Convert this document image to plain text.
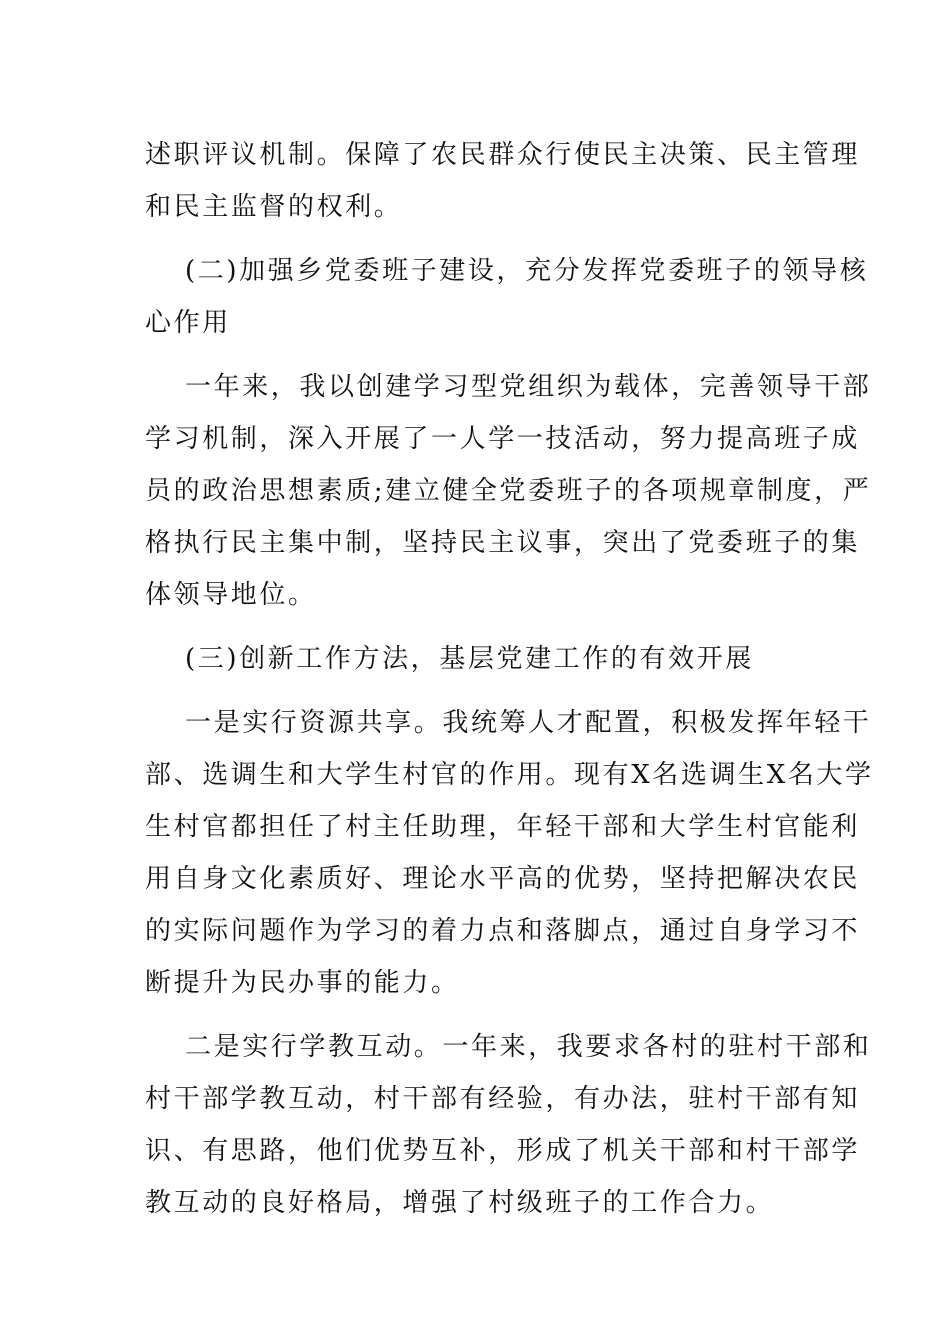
述职评议机制。保障了农民群众行使民主决策、民主管理
和民主监督的权利。
(二)加强乡党委班子建设，充分发挥党委班子的领导核
心作用
一年来，我以创建学习型党组织为载体，完善领导干部
学习机制，深入开展了一人学一技活动，努力提高班子成
员的政治思想素质;建立健全党委班子的各项规章制度，严
格执行民主集中制，坚持民主议事，突出了党委班子的集
体领导地位。
(三)创新工作方法，基层党建工作的有效开展
一是实行资源共享。我统筹人才配置，积极发挥年轻干
部、选调生和大学生村官的作用。现有X名选调生X名大学
生村官都担任了村主任助理，年轻干部和大学生村官能利
用自身文化素质好、理论水平高的优势，坚持把解决农民
的实际问题作为学习的着力点和落脚点，通过自身学习不
断提升为民办事的能力。
二是实行学教互动。一年来，我要求各村的驻村干部和
村干部学教互动，村干部有经验，有办法，驻村干部有知
识、有思路，他们优势互补，形成了机关干部和村干部学
教互动的良好格局，增强了村级班子的工作合力。
